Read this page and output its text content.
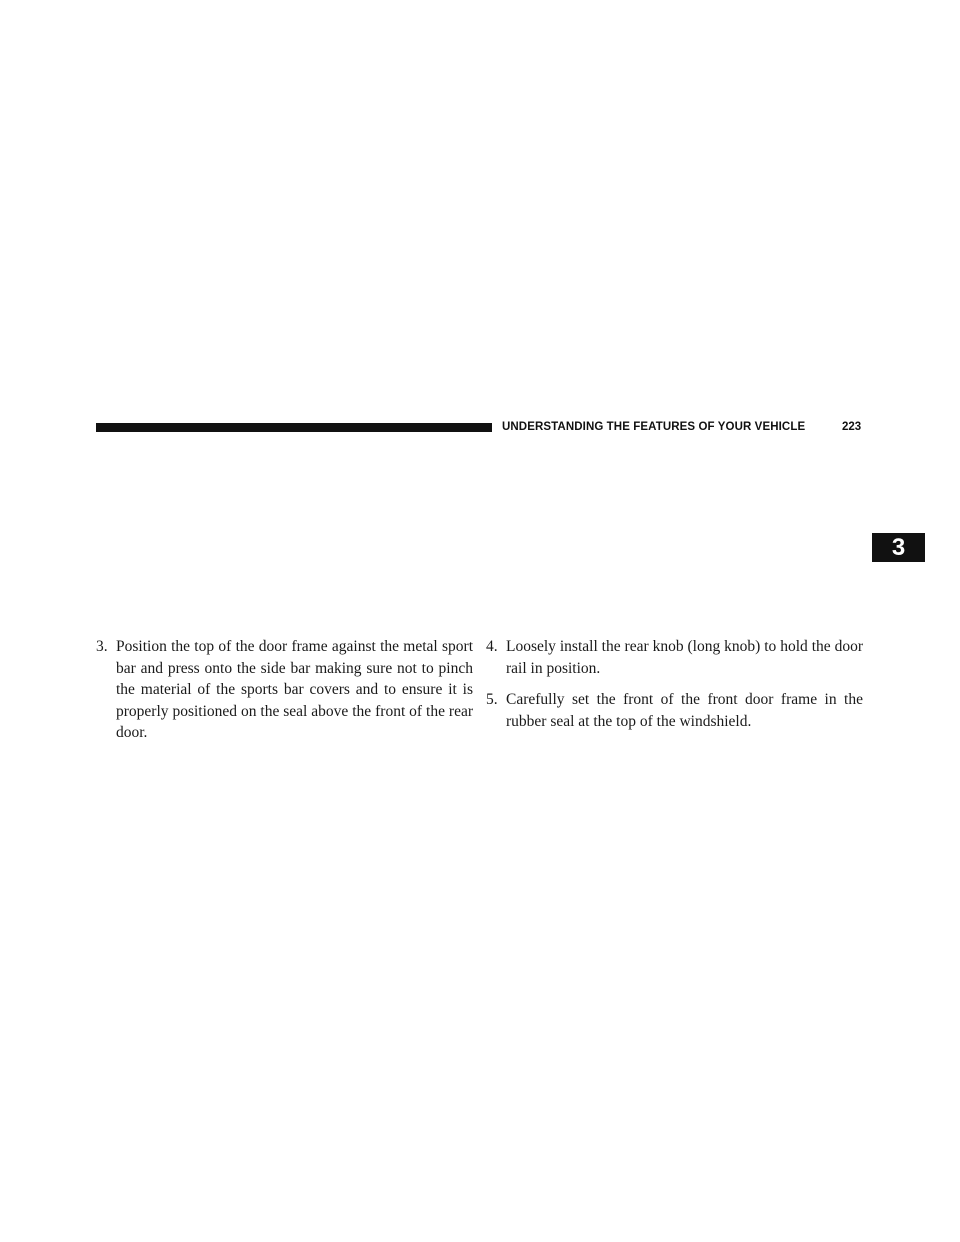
UNDERSTANDING THE FEATURES OF YOUR VEHICLE	223
3
3. Position the top of the door frame against the metal sport bar and press onto the side bar making sure not to pinch the material of the sports bar covers and to ensure it is properly positioned on the seal above the front of the rear door.
4. Loosely install the rear knob (long knob) to hold the door rail in position.
5. Carefully set the front of the front door frame in the rubber seal at the top of the windshield.
